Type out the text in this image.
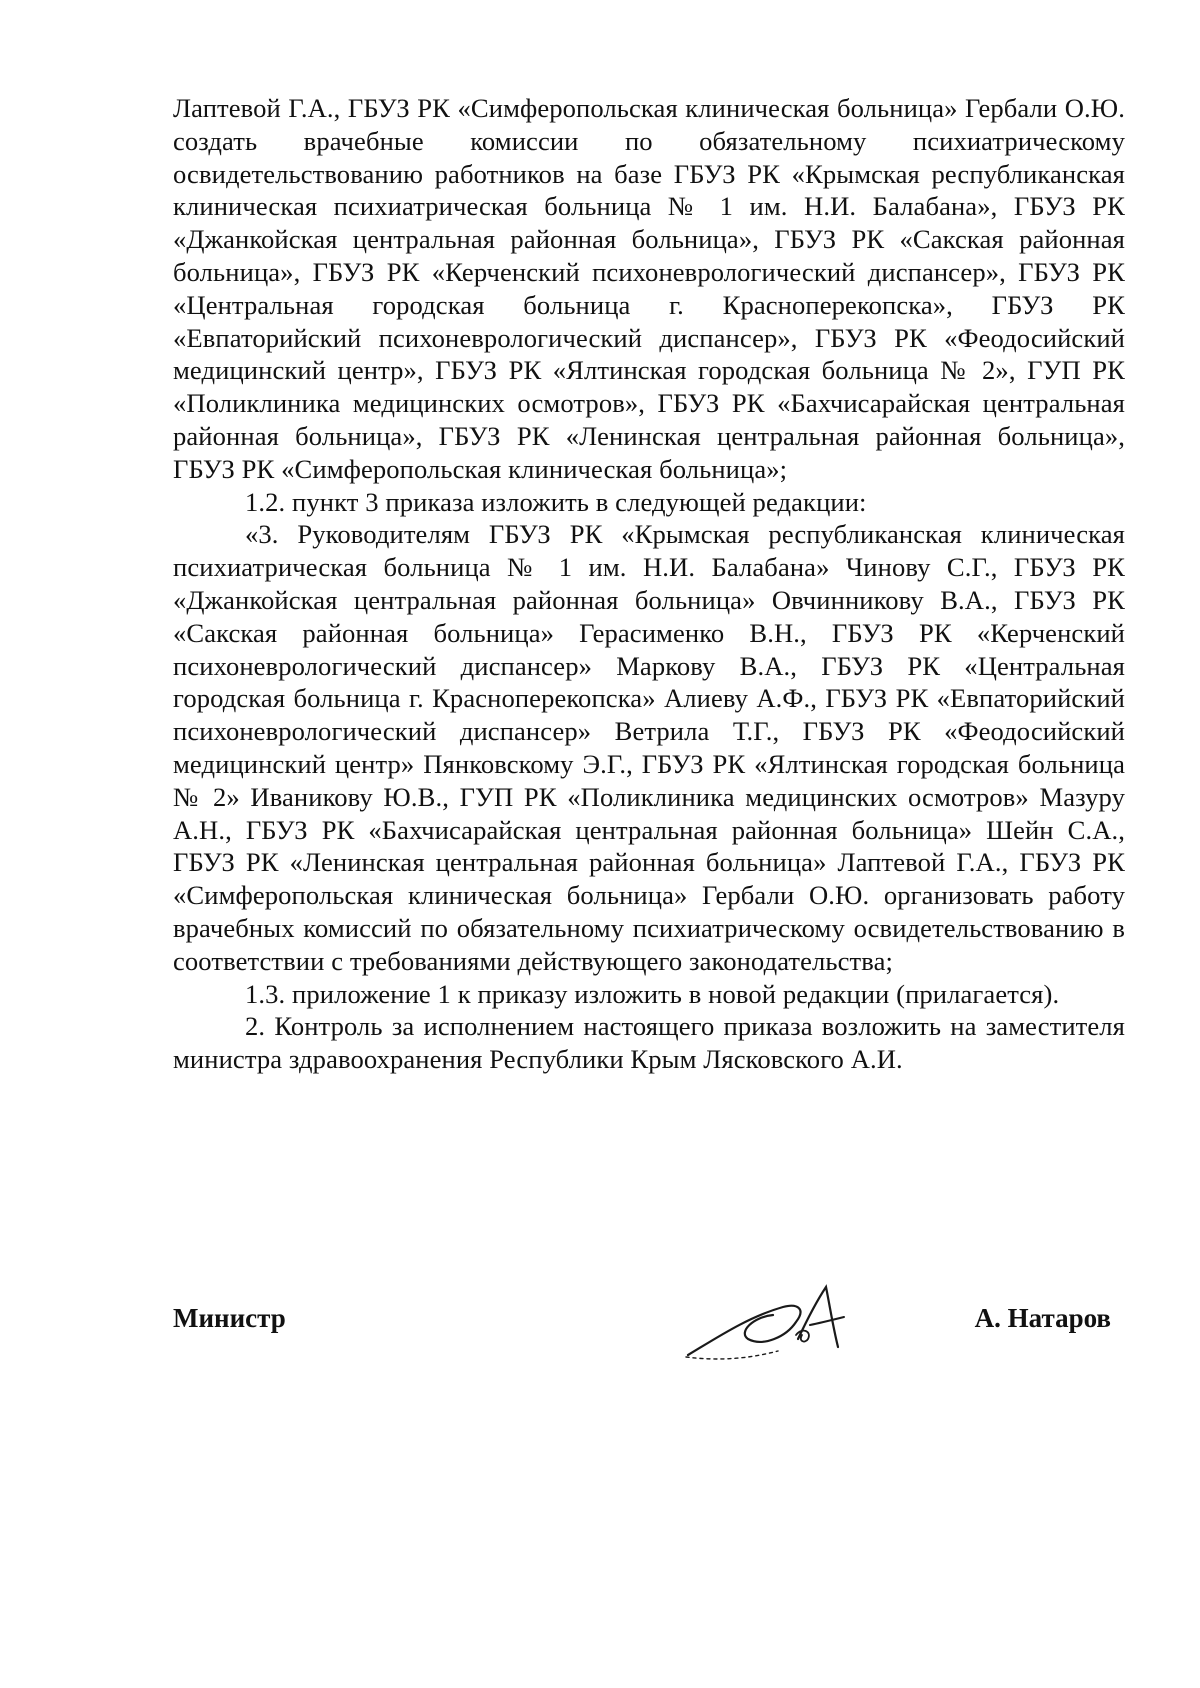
Лаптевой Г.А., ГБУЗ РК «Симферопольская клиническая больница» Гербали О.Ю. создать врачебные комиссии по обязательному психиатрическому освидетельствованию работников на базе ГБУЗ РК «Крымская республиканская клиническая психиатрическая больница № 1 им. Н.И. Балабана», ГБУЗ РК «Джанкойская центральная районная больница», ГБУЗ РК «Сакская районная больница», ГБУЗ РК «Керченский психоневрологический диспансер», ГБУЗ РК «Центральная городская больница г. Красноперекопска», ГБУЗ РК «Евпаторийский психоневрологический диспансер», ГБУЗ РК «Феодосийский медицинский центр», ГБУЗ РК «Ялтинская городская больница № 2», ГУП РК «Поликлиника медицинских осмотров», ГБУЗ РК «Бахчисарайская центральная районная больница», ГБУЗ РК «Ленинская центральная районная больница», ГБУЗ РК «Симферопольская клиническая больница»;

1.2. пункт 3 приказа изложить в следующей редакции:

«3. Руководителям ГБУЗ РК «Крымская республиканская клиническая психиатрическая больница № 1 им. Н.И. Балабана» Чинову С.Г., ГБУЗ РК «Джанкойская центральная районная больница» Овчинникову В.А., ГБУЗ РК «Сакская районная больница» Герасименко В.Н., ГБУЗ РК «Керченский психоневрологический диспансер» Маркову В.А., ГБУЗ РК «Центральная городская больница г. Красноперекопска» Алиеву А.Ф., ГБУЗ РК «Евпаторийский психоневрологический диспансер» Ветрила Т.Г., ГБУЗ РК «Феодосийский медицинский центр» Пянковскому Э.Г., ГБУЗ РК «Ялтинская городская больница № 2» Иваникову Ю.В., ГУП РК «Поликлиника медицинских осмотров» Мазуру А.Н., ГБУЗ РК «Бахчисарайская центральная районная больница» Шейн С.А., ГБУЗ РК «Ленинская центральная районная больница» Лаптевой Г.А., ГБУЗ РК «Симферопольская клиническая больница» Гербали О.Ю. организовать работу врачебных комиссий по обязательному психиатрическому освидетельствованию в соответствии с требованиями действующего законодательства;

1.3. приложение 1 к приказу изложить в новой редакции (прилагается).

2. Контроль за исполнением настоящего приказа возложить на заместителя министра здравоохранения Республики Крым Лясковского А.И.

Министр	А. Натаров
